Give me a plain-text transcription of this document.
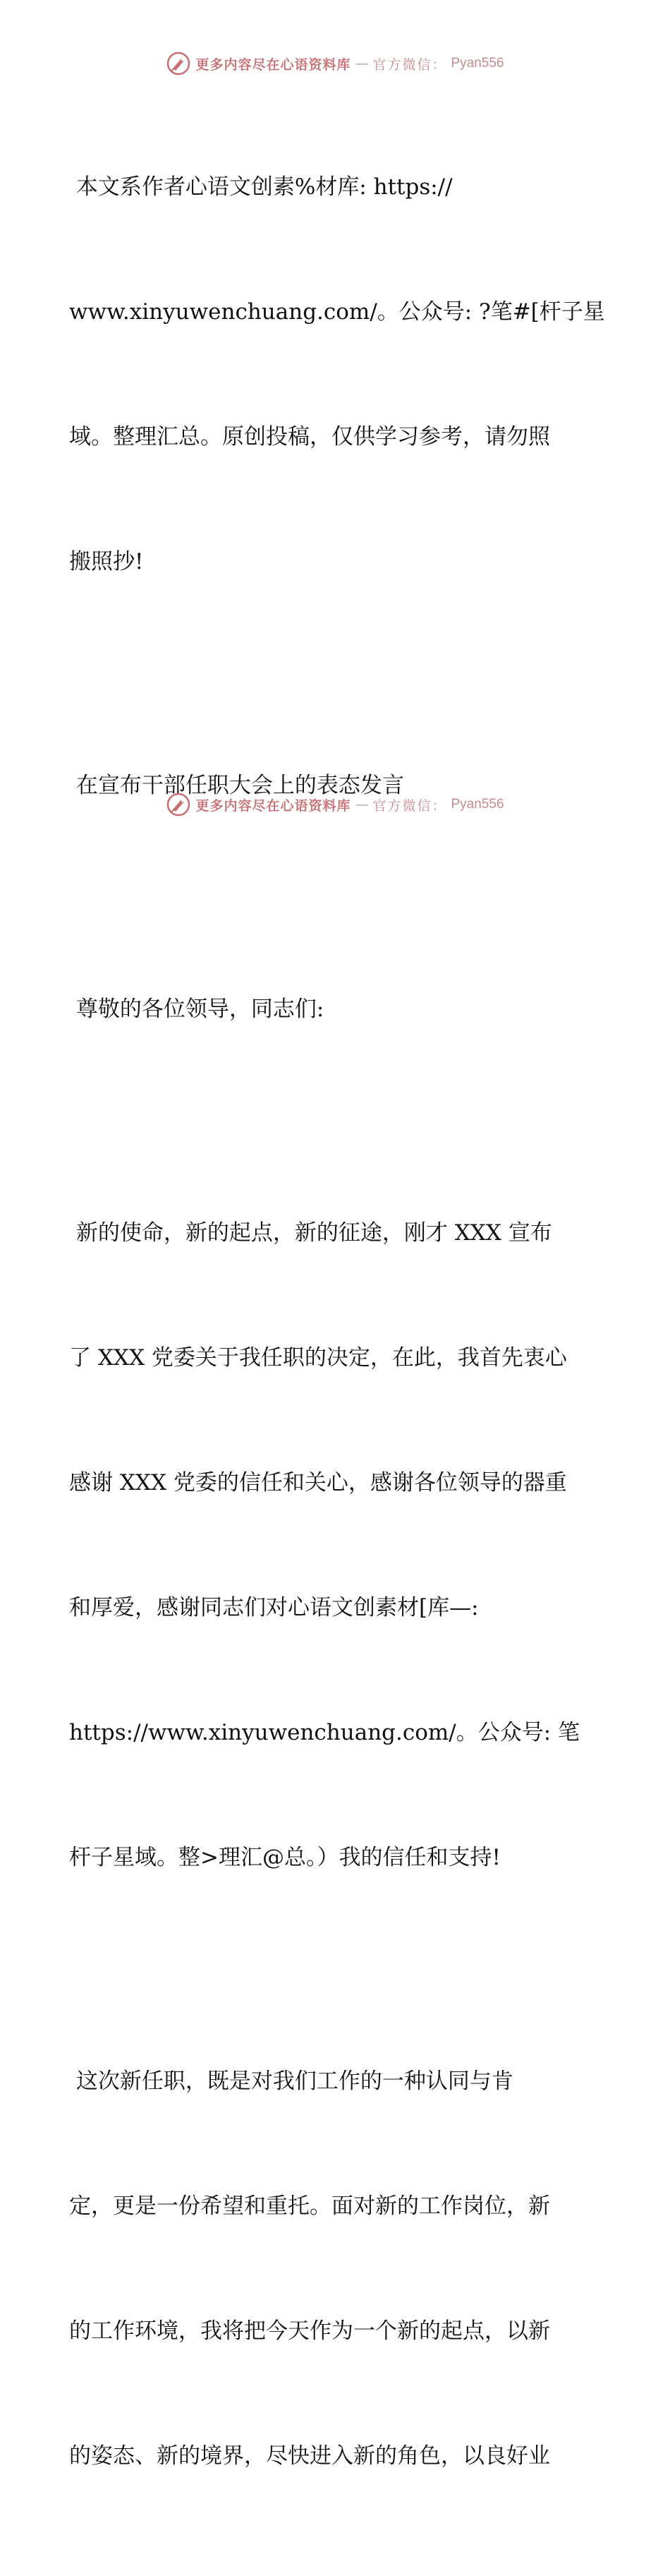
更多内容尽在心语资料库 — 官方微信： Pyan556

本文系作者心语文创素%材库: https://

www.xinyuwenchuang.com/。公众号: ?笔#[杆子星

域。整理汇总。原创投稿，仅供学习参考，请勿照

搬照抄!

在宣布干部任职大会上的表态发言

尊敬的各位领导，同志们:

新的使命，新的起点，新的征途，刚才 XXX 宣布

了 XXX 党委关于我任职的决定，在此，我首先衷心

感谢 XXX 党委的信任和关心，感谢各位领导的器重

和厚爱，感谢同志们对心语文创素材[库—:

https://www.xinyuwenchuang.com/。公众号: 笔

杆子星域。整>理汇@总。）我的信任和支持!

这次新任职，既是对我们工作的一种认同与肯

定，更是一份希望和重托。面对新的工作岗位，新

的工作环境，我将把今天作为一个新的起点，以新

的姿态、新的境界，尽快进入新的角色，以良好业

更多内容尽在心语资料库 — 官方微信： Pyan556
